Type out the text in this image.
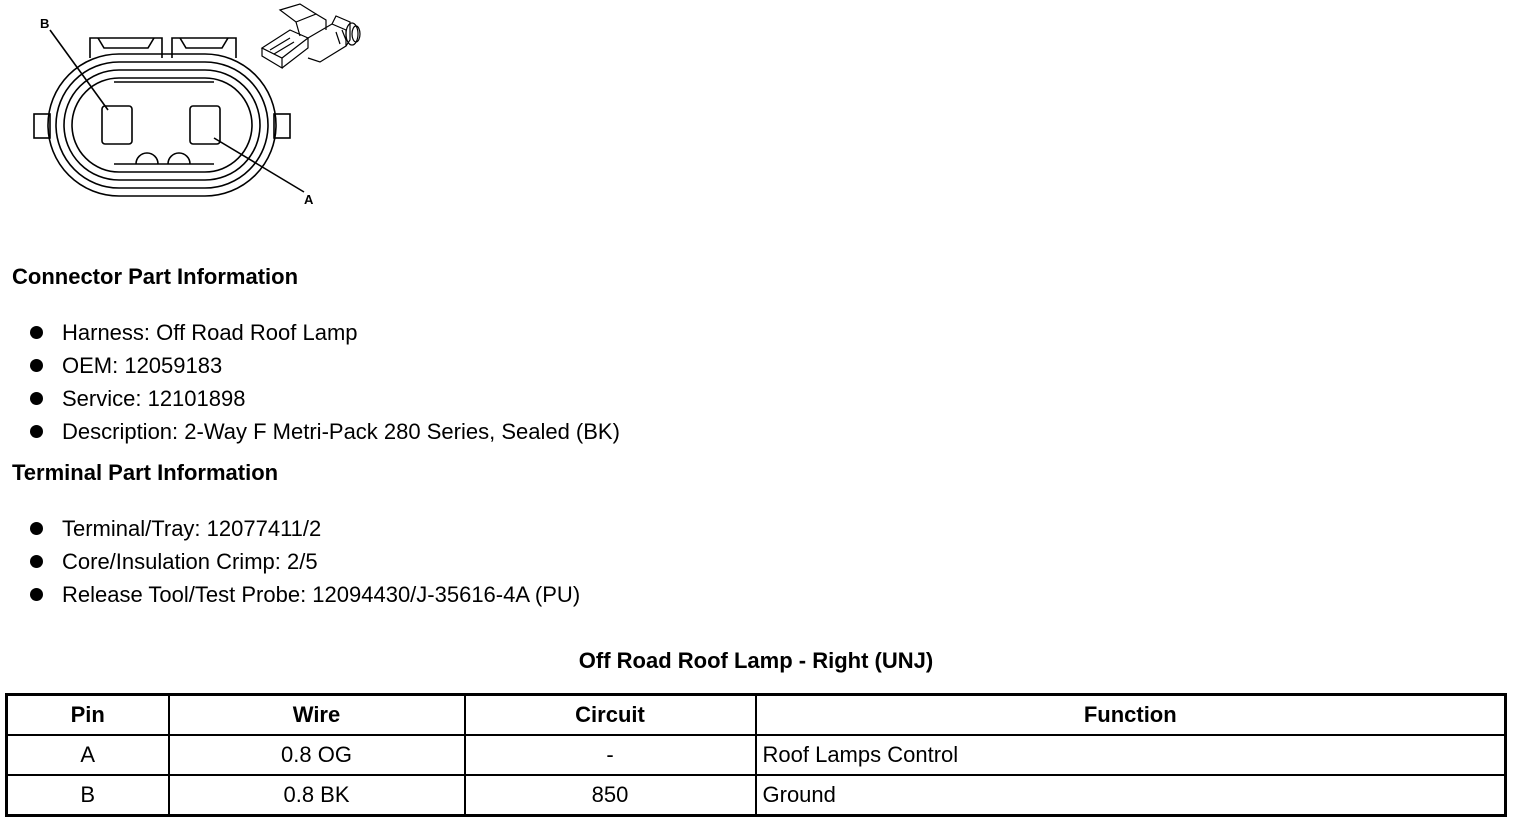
B
A
Connector Part Information
Harness: Off Road Roof Lamp
OEM: 12059183
Service: 12101898
Description: 2-Way F Metri-Pack 280 Series, Sealed (BK)
Terminal Part Information
Terminal/Tray: 12077411/2
Core/Insulation Crimp: 2/5
Release Tool/Test Probe: 12094430/J-35616-4A (PU)
Off Road Roof Lamp - Right (UNJ)
Pin	Wire	Circuit	Function
A	0.8 OG	-	Roof Lamps Control
B	0.8 BK	850	Ground
